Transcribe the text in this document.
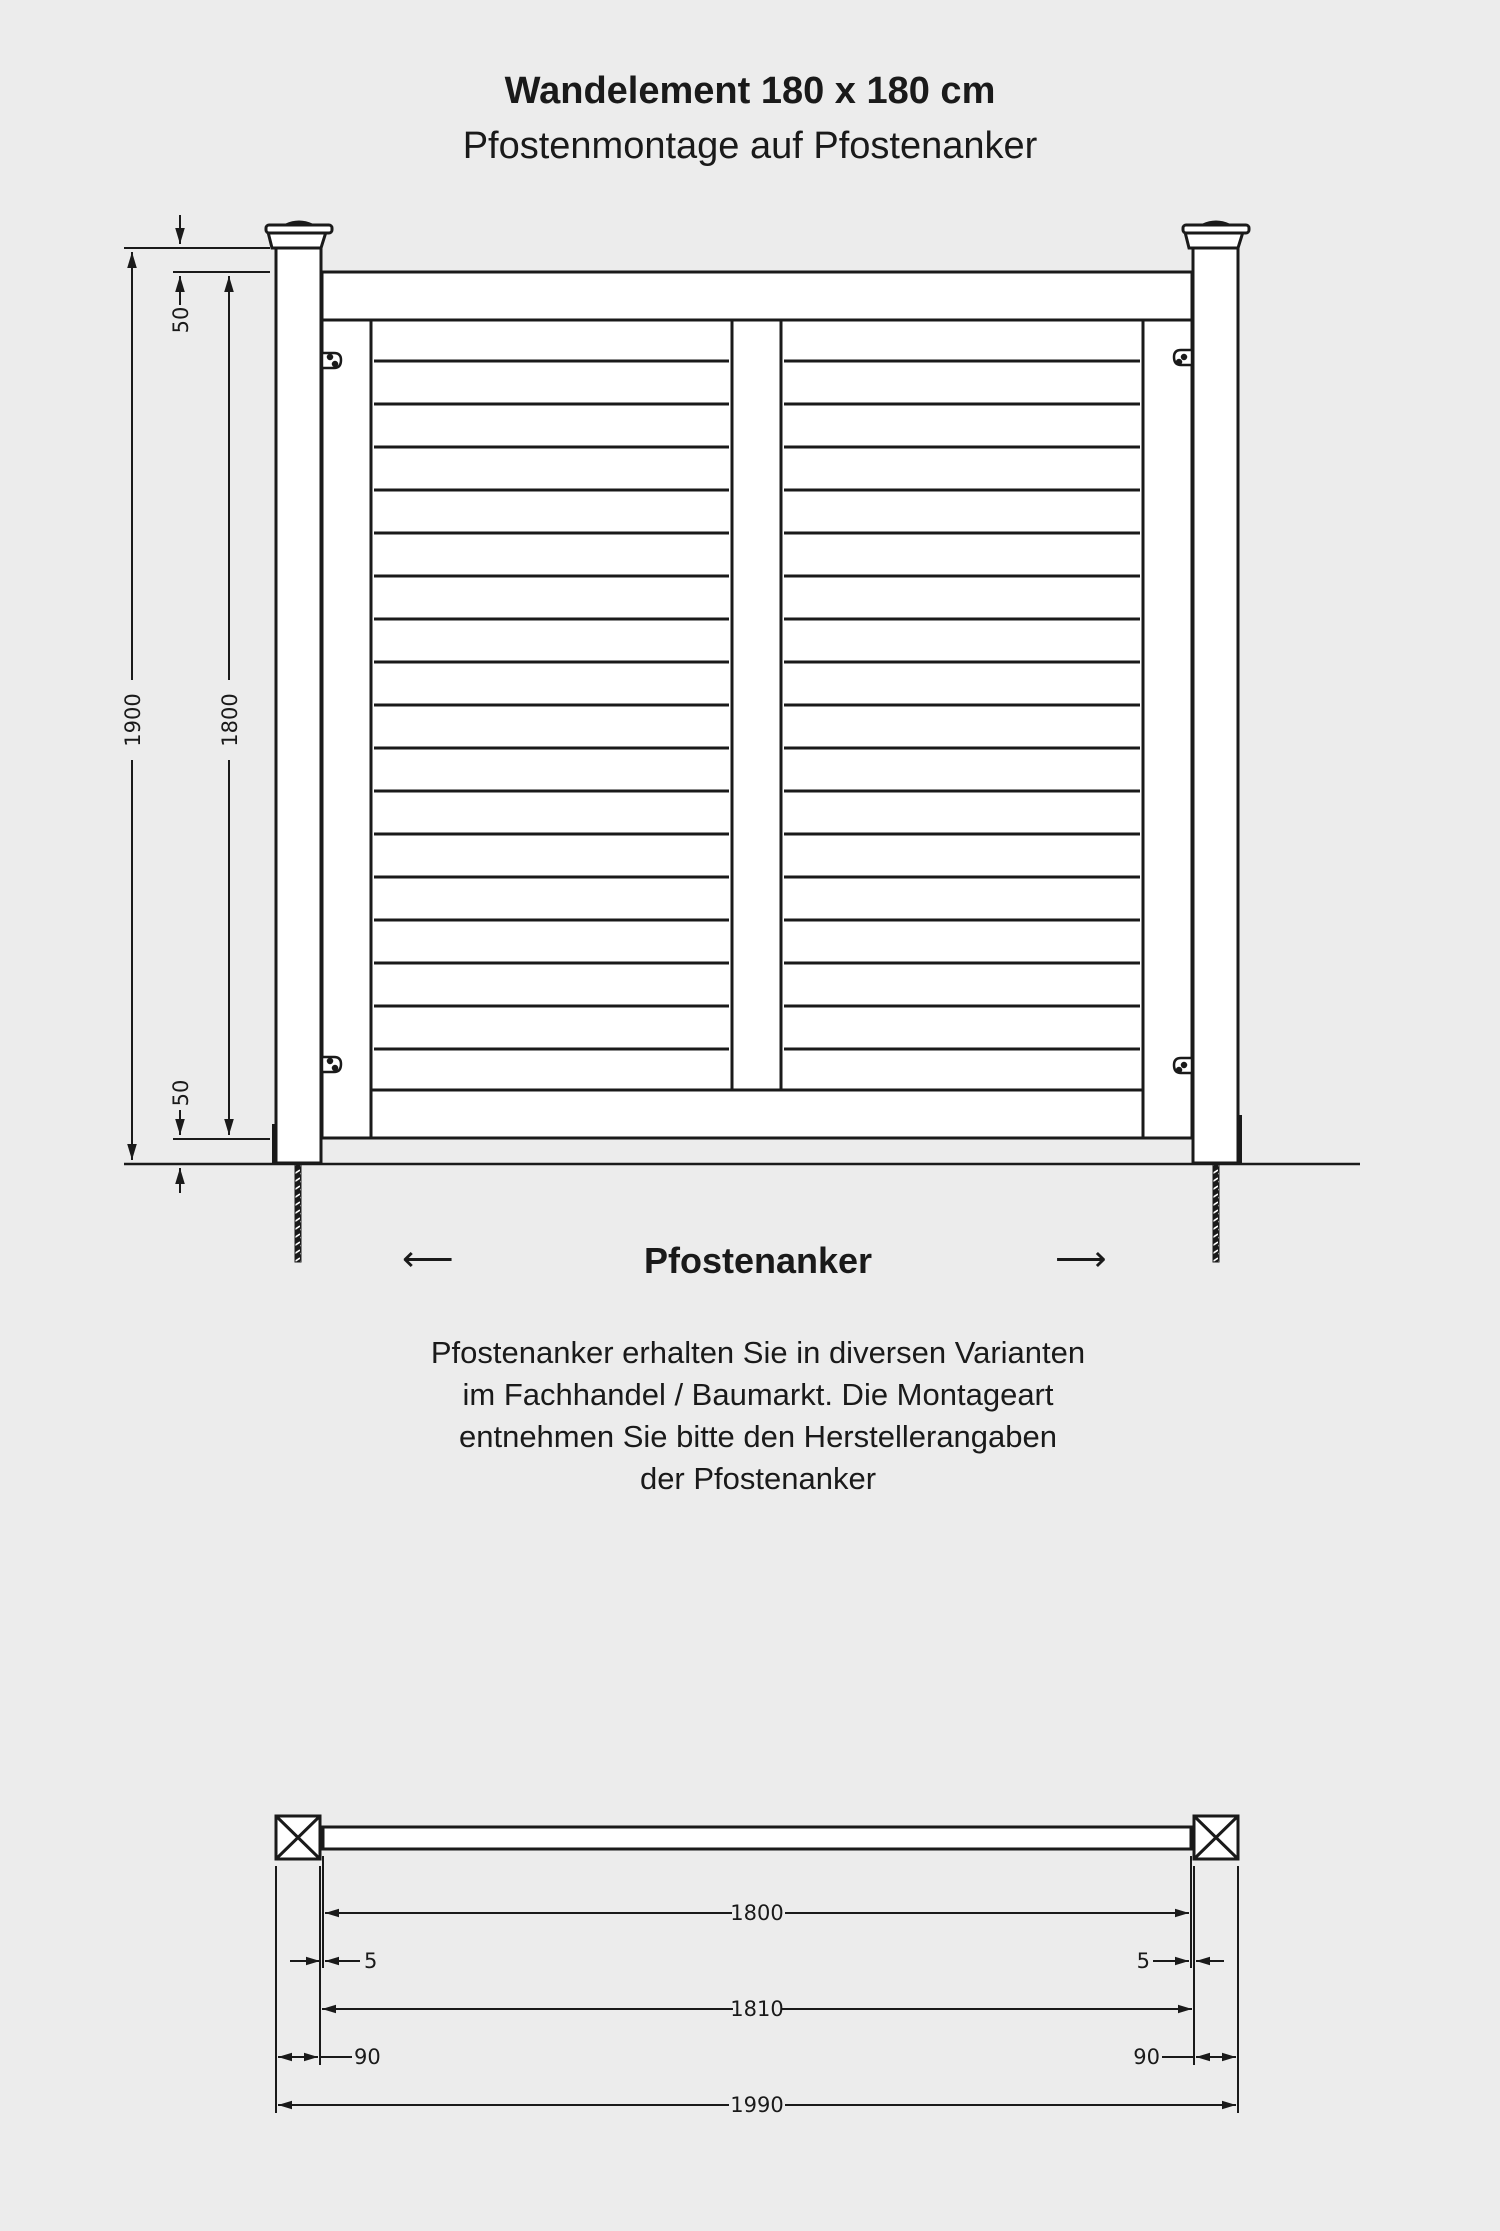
Wandelement 180 x 180 cm
Pfostenmontage auf Pfostenanker
1900	1800
50
50
⟵	Pfostenanker	⟶
Pfostenanker erhalten Sie in diversen Varianten
im Fachhandel / Baumarkt. Die Montageart
entnehmen Sie bitte den Herstellerangaben
der Pfostenanker
1800
5	5
1810
90	90
1990
